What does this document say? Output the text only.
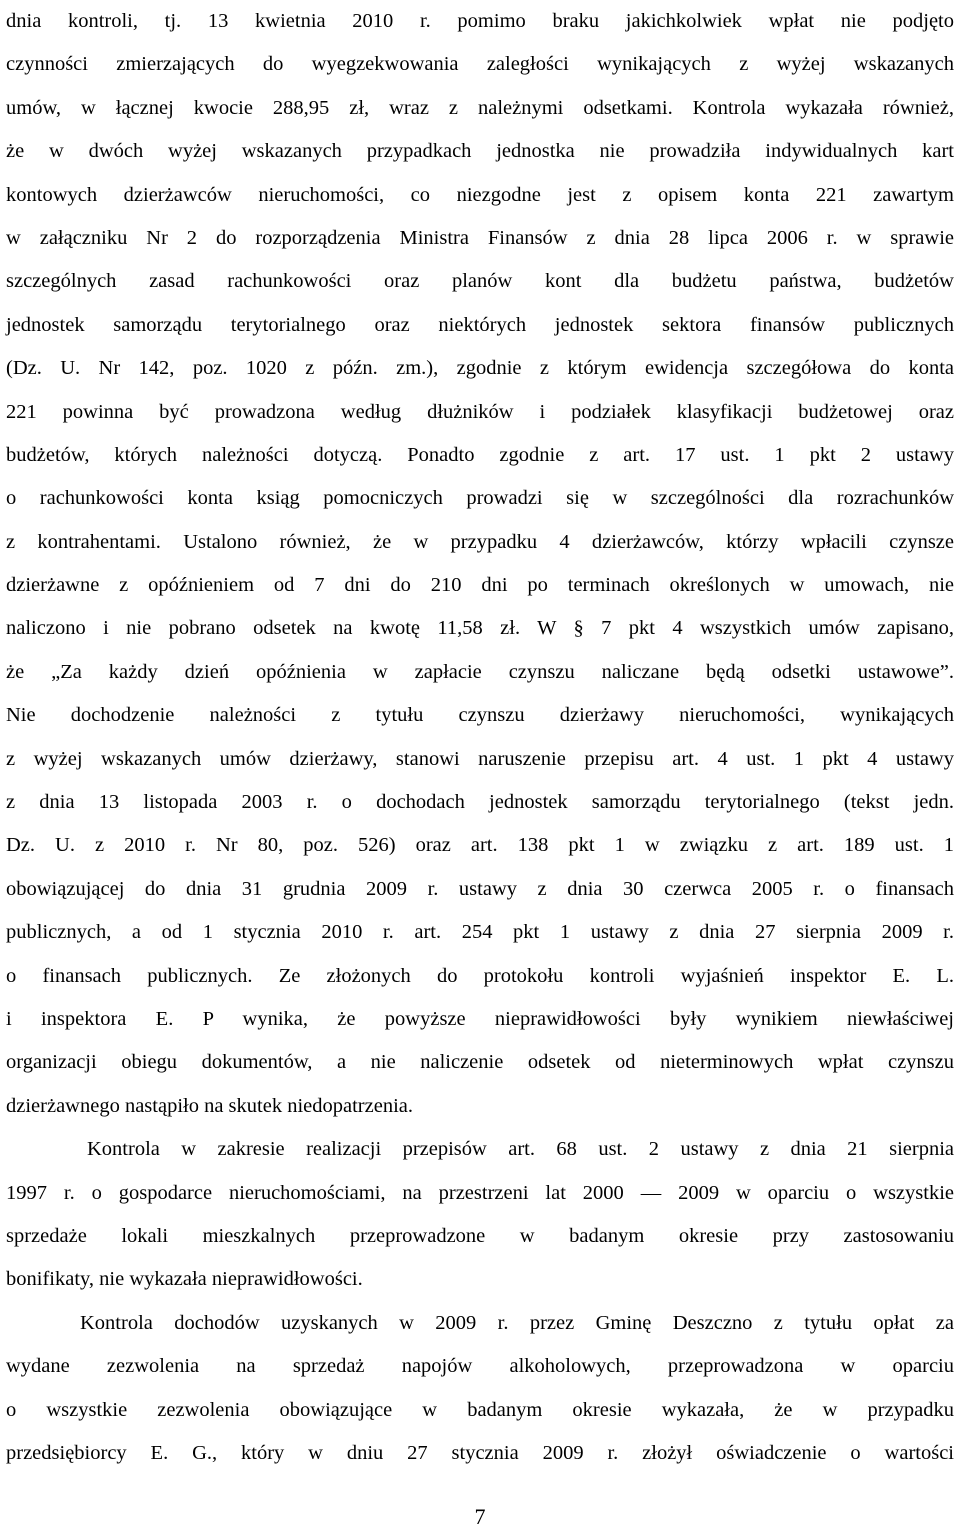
dnia kontroli, tj. 13 kwietnia 2010 r. pomimo braku jakichkolwiek wpłat nie podjęto
czynności zmierzających do wyegzekwowania zaległości wynikających z wyżej wskazanych
umów, w łącznej kwocie 288,95 zł, wraz z należnymi odsetkami. Kontrola wykazała również,
że w dwóch wyżej wskazanych przypadkach jednostka nie prowadziła indywidualnych kart
kontowych dzierżawców nieruchomości, co niezgodne jest z opisem konta 221 zawartym
w załączniku Nr 2 do rozporządzenia Ministra Finansów z dnia 28 lipca 2006 r. w sprawie
szczególnych zasad rachunkowości oraz planów kont dla budżetu państwa, budżetów
jednostek samorządu terytorialnego oraz niektórych jednostek sektora finansów publicznych
(Dz. U. Nr 142, poz. 1020 z późn. zm.), zgodnie z którym ewidencja szczegółowa do konta
221 powinna być prowadzona według dłużników i podziałek klasyfikacji budżetowej oraz
budżetów, których należności dotyczą. Ponadto zgodnie z art. 17 ust. 1 pkt 2 ustawy
o rachunkowości konta ksiąg pomocniczych prowadzi się w szczególności dla rozrachunków
z kontrahentami. Ustalono również, że w przypadku 4 dzierżawców, którzy wpłacili czynsze
dzierżawne z opóźnieniem od 7 dni do 210 dni po terminach określonych w umowach, nie
naliczono i nie pobrano odsetek na kwotę 11,58 zł. W § 7 pkt 4 wszystkich umów zapisano,
że „Za każdy dzień opóźnienia w zapłacie czynszu naliczane będą odsetki ustawowe”.
Nie dochodzenie należności z tytułu czynszu dzierżawy nieruchomości, wynikających
z wyżej wskazanych umów dzierżawy, stanowi naruszenie przepisu art. 4 ust. 1 pkt 4 ustawy
z dnia 13 listopada 2003 r. o dochodach jednostek samorządu terytorialnego (tekst jedn.
Dz. U. z 2010 r. Nr 80, poz. 526) oraz art. 138 pkt 1 w związku z art. 189 ust. 1
obowiązującej do dnia 31 grudnia 2009 r. ustawy z dnia 30 czerwca 2005 r. o finansach
publicznych, a od 1 stycznia 2010 r. art. 254 pkt 1 ustawy z dnia 27 sierpnia 2009 r.
o finansach publicznych. Ze złożonych do protokołu kontroli wyjaśnień inspektor E. L.
i inspektora E. P wynika, że powyższe nieprawidłowości były wynikiem niewłaściwej
organizacji obiegu dokumentów, a nie naliczenie odsetek od nieterminowych wpłat czynszu
dzierżawnego nastąpiło na skutek niedopatrzenia.
Kontrola w zakresie realizacji przepisów art. 68 ust. 2 ustawy z dnia 21 sierpnia
1997 r. o gospodarce nieruchomościami, na przestrzeni lat 2000 — 2009 w oparciu o wszystkie
sprzedaże lokali mieszkalnych przeprowadzone w badanym okresie przy zastosowaniu
bonifikaty, nie wykazała nieprawidłowości.
Kontrola dochodów uzyskanych w 2009 r. przez Gminę Deszczno z tytułu opłat za
wydane zezwolenia na sprzedaż napojów alkoholowych, przeprowadzona w oparciu
o wszystkie zezwolenia obowiązujące w badanym okresie wykazała, że w przypadku
przedsiębiorcy E. G., który w dniu 27 stycznia 2009 r. złożył oświadczenie o wartości
7
